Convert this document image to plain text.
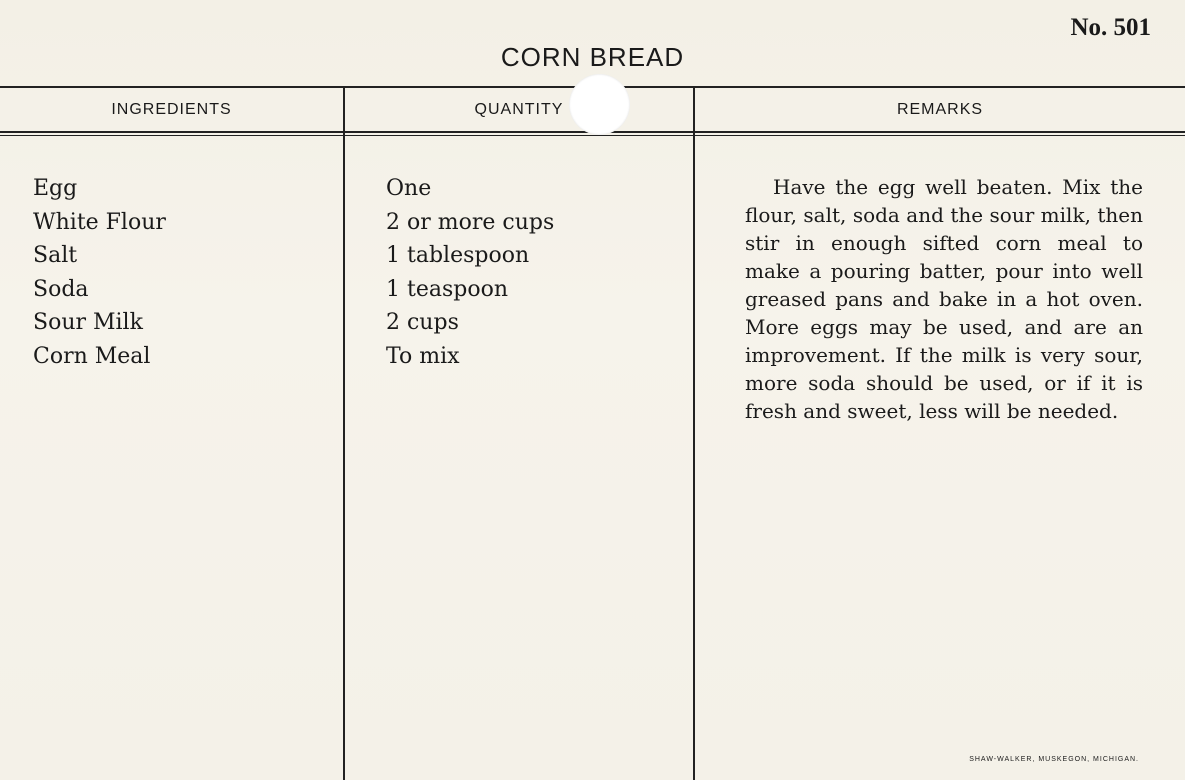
No. 501
CORN BREAD
INGREDIENTS	QUANTITY	REMARKS
Egg
White Flour
Salt
Soda
Sour Milk
Corn Meal
One
2 or more cups
1 tablespoon
1 teaspoon
2 cups
To mix

Have the egg well beaten. Mix the flour, salt, soda and the sour milk, then stir in enough sifted corn meal to make a pouring batter, pour into well greased pans and bake in a hot oven. More eggs may be used, and are an improvement. If the milk is very sour, more soda should be used, or if it is fresh and sweet, less will be needed.

SHAW-WALKER, MUSKEGON, MICHIGAN.
